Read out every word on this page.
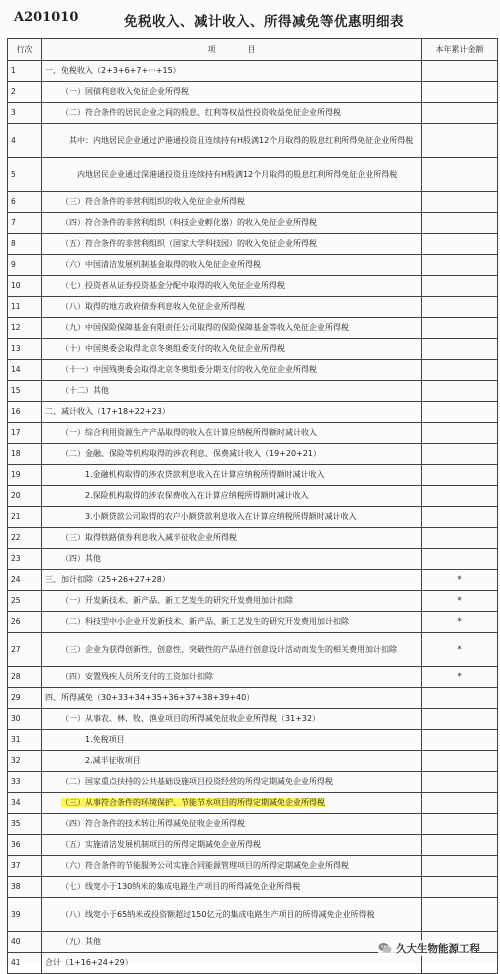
A201010	免税收入、减计收入、所得减免等优惠明细表
行次	项　　　　目	本年累计金额
1	一、免税收入（2+3+6+7+···+15）	
2	（一）国债利息收入免征企业所得税	
3	（二）符合条件的居民企业之间的股息、红利等权益性投资收益免征企业所得税	
4	其中：内地居民企业通过沪港通投资且连续持有H股满12个月取得的股息红利所得免征企业所得税	
5	内地居民企业通过深港通投资且连续持有H股满12个月取得的股息红利所得免征企业所得税	
6	（三）符合条件的非营利组织的收入免征企业所得税	
7	（四）符合条件的非营利组织（科技企业孵化器）的收入免征企业所得税	
8	（五）符合条件的非营利组织（国家大学科技园）的收入免征企业所得税	
9	（六）中国清洁发展机制基金取得的收入免征企业所得税	
10	（七）投资者从证券投资基金分配中取得的收入免征企业所得税	
11	（八）取得的地方政府债券利息收入免征企业所得税	
12	（九）中国保险保障基金有限责任公司取得的保险保障基金等收入免征企业所得税	
13	（十）中国奥委会取得北京冬奥组委支付的收入免征企业所得税	
14	（十一）中国残奥委会取得北京冬奥组委分期支付的收入免征企业所得税	
15	（十二）其他	
16	二、减计收入（17+18+22+23）	
17	（一）综合利用资源生产产品取得的收入在计算应纳税所得额时减计收入	
18	（二）金融、保险等机构取得的涉农利息、保费减计收入（19+20+21）	
19	1.金融机构取得的涉农贷款利息收入在计算应纳税所得额时减计收入	
20	2.保险机构取得的涉农保费收入在计算应纳税所得额时减计收入	
21	3.小额贷款公司取得的农户小额贷款利息收入在计算应纳税所得额时减计收入	
22	（三）取得铁路债券利息收入减半征收企业所得税	
23	（四）其他	
24	三、加计扣除（25+26+27+28）	*
25	（一）开发新技术、新产品、新工艺发生的研究开发费用加计扣除	*
26	（二）科技型中小企业开发新技术、新产品、新工艺发生的研究开发费用加计扣除	*
27	（三）企业为获得创新性、创意性、突破性的产品进行创意设计活动而发生的相关费用加计扣除	*
28	（四）安置残疾人员所支付的工资加计扣除	*
29	四、所得减免（30+33+34+35+36+37+38+39+40）	
30	（一）从事农、林、牧、渔业项目的所得减免征收企业所得税（31+32）	
31	1.免税项目	
32	2.减半征收项目	
33	（二）国家重点扶持的公共基础设施项目投资经营的所得定期减免企业所得税	
34	（三）从事符合条件的环境保护、节能节水项目的所得定期减免企业所得税	
35	（四）符合条件的技术转让所得减免征收企业所得税	
36	（五）实施清洁发展机制项目的所得定期减免企业所得税	
37	（六）符合条件的节能服务公司实施合同能源管理项目的所得定期减免企业所得税	
38	（七）线宽小于130纳米的集成电路生产项目的所得减免企业所得税	
39	（八）线宽小于65纳米或投资额超过150亿元的集成电路生产项目的所得减免企业所得税	
40	（九）其他	
41	合计（1+16+24+29）	
久大生物能源工程
